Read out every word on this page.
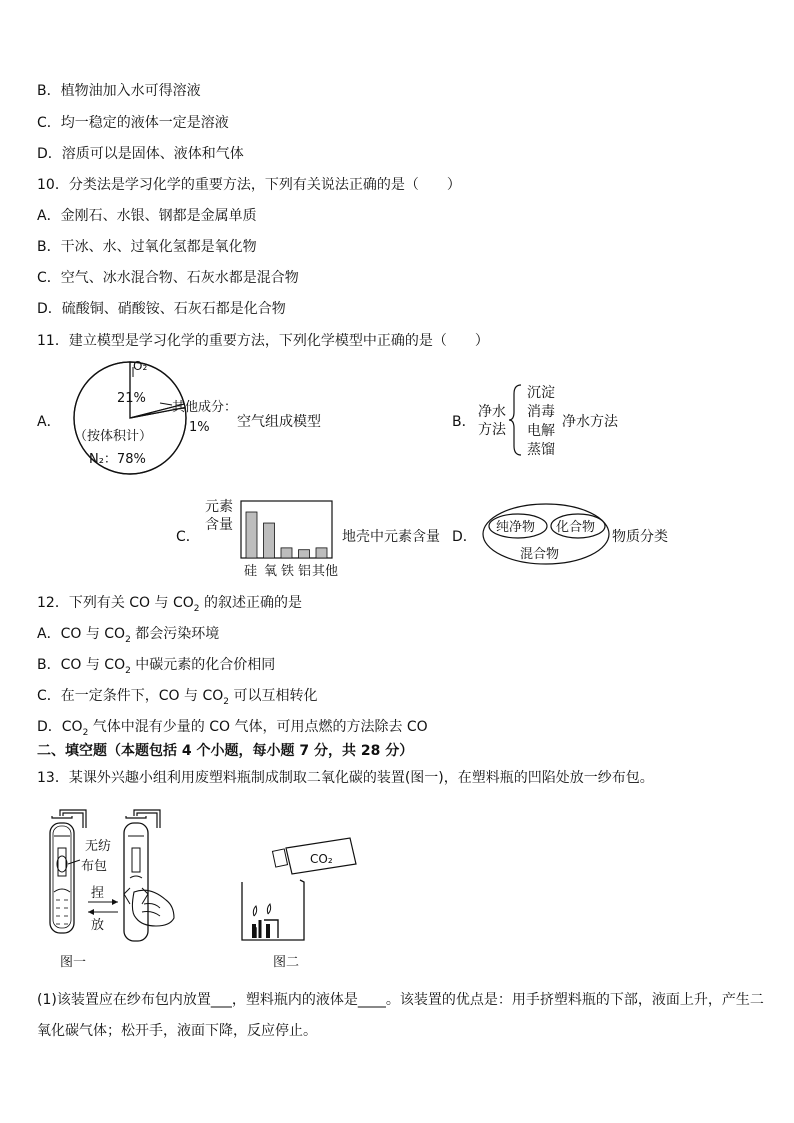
B．植物油加入水可得溶液
C．均一稳定的液体一定是溶液
D．溶质可以是固体、液体和气体
10．分类法是学习化学的重要方法，下列有关说法正确的是（　　）
A．金刚石、水银、钢都是金属单质
B．干冰、水、过氧化氢都是氧化物
C．空气、冰水混合物、石灰水都是混合物
D．硫酸铜、硝酸铵、石灰石都是化合物
11．建立模型是学习化学的重要方法，下列化学模型中正确的是（　　）
A．
O₂
21%
（按体积计）
N₂：78%
其他成分：
1% 空气组成模型	B．
净水
方法
沉淀
消毒
电解
蒸馏
净水方法
C．
元素
含量
硅 氧 铁 铝 其他
地壳中元素含量 D．
纯净物 化合物
混合物
物质分类
12．下列有关 CO 与 $CO_2$ 的叙述正确的是
A．CO 与 $CO_2$ 都会污染环境
B．CO 与 $CO_2$ 中碳元素的化合价相同
C．在一定条件下，CO 与 $CO_2$ 可以互相转化
D．$CO_2$ 气体中混有少量的 CO 气体，可用点燃的方法除去 CO
二、填空题（本题包括 4 个小题，每小题 7 分，共 28 分）
13．某课外兴趣小组利用废塑料瓶制成制取二氧化碳的装置(图一)，在塑料瓶的凹陷处放一纱布包。
无纺
布包
捏
放
图一
CO₂
图二
(1)该装置应在纱布包内放置___，塑料瓶内的液体是____。该装置的优点是：用手挤塑料瓶的下部，液面上升，产生二
氧化碳气体；松开手，液面下降，反应停止。
